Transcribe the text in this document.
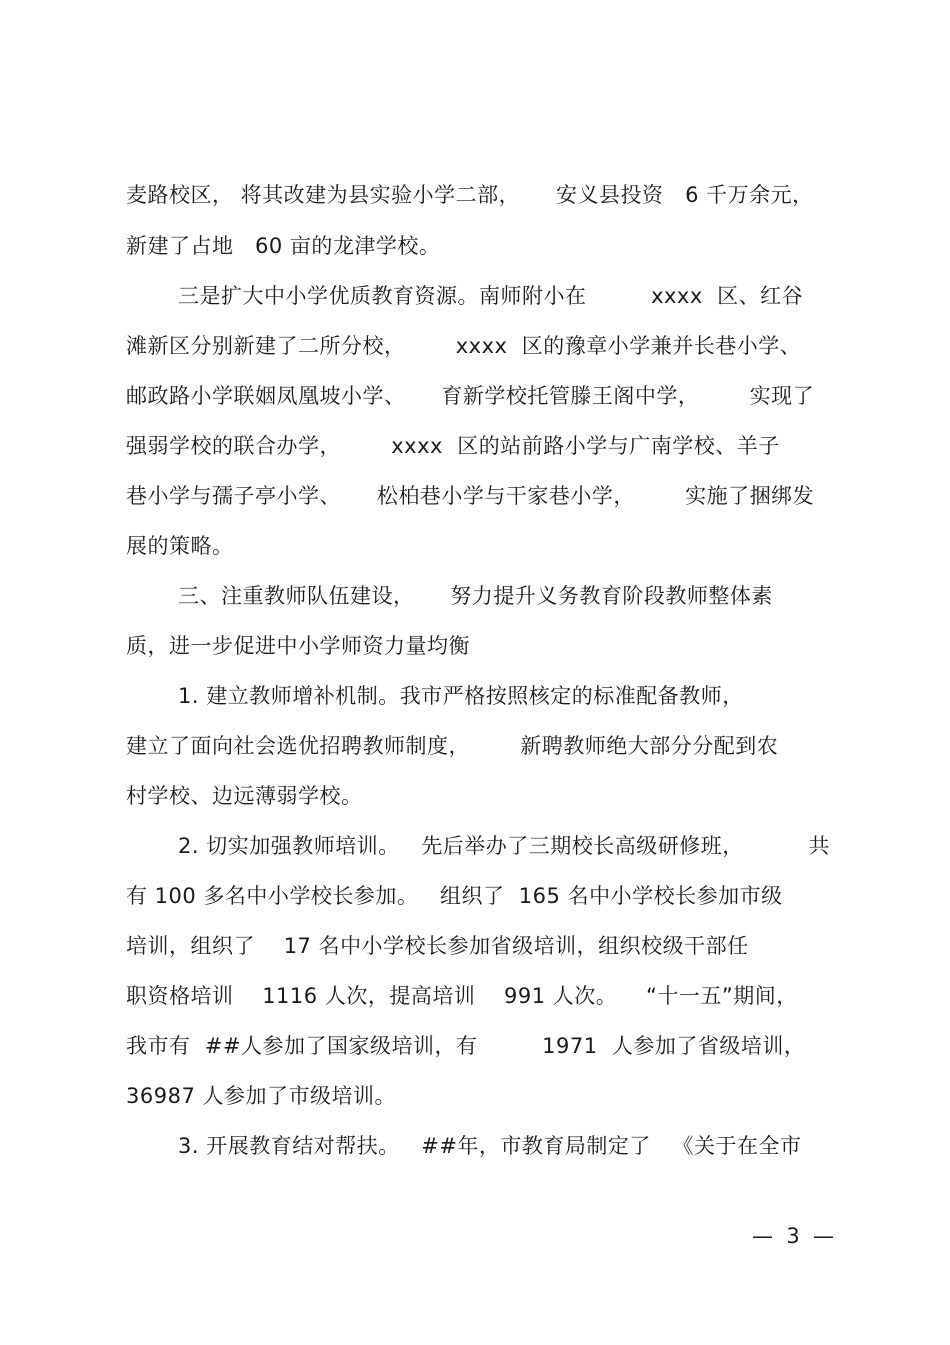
麦路校区， 将其改建为县实验小学二部，     安义县投资   6 千万余元，
新建了占地   60 亩的龙津学校。
三是扩大中小学优质教育资源。南师附小在         xxxx  区、红谷
滩新区分别新建了二所分校，       xxxx  区的豫章小学兼并长巷小学、
邮政路小学联姻凤凰坡小学、     育新学校托管滕王阁中学，       实现了
强弱学校的联合办学，       xxxx  区的站前路小学与广南学校、羊子
巷小学与孺子亭小学、     松柏巷小学与干家巷小学，       实施了捆绑发
展的策略。
三、注重教师队伍建设，     努力提升义务教育阶段教师整体素
质，进一步促进中小学师资力量均衡
1. 建立教师增补机制。我市严格按照核定的标准配备教师，
建立了面向社会选优招聘教师制度，       新聘教师绝大部分分配到农
村学校、边远薄弱学校。
2. 切实加强教师培训。   先后举办了三期校长高级研修班，         共
有 100 多名中小学校长参加。   组织了  165 名中小学校长参加市级
培训，组织了    17 名中小学校长参加省级培训，组织校级干部任
职资格培训    1116 人次，提高培训    991 人次。    “十一五”期间，
我市有  ##人参加了国家级培训，有         1971  人参加了省级培训，
36987 人参加了市级培训。
3. 开展教育结对帮扶。   ##年，市教育局制定了   《关于在全市
—  3  —
